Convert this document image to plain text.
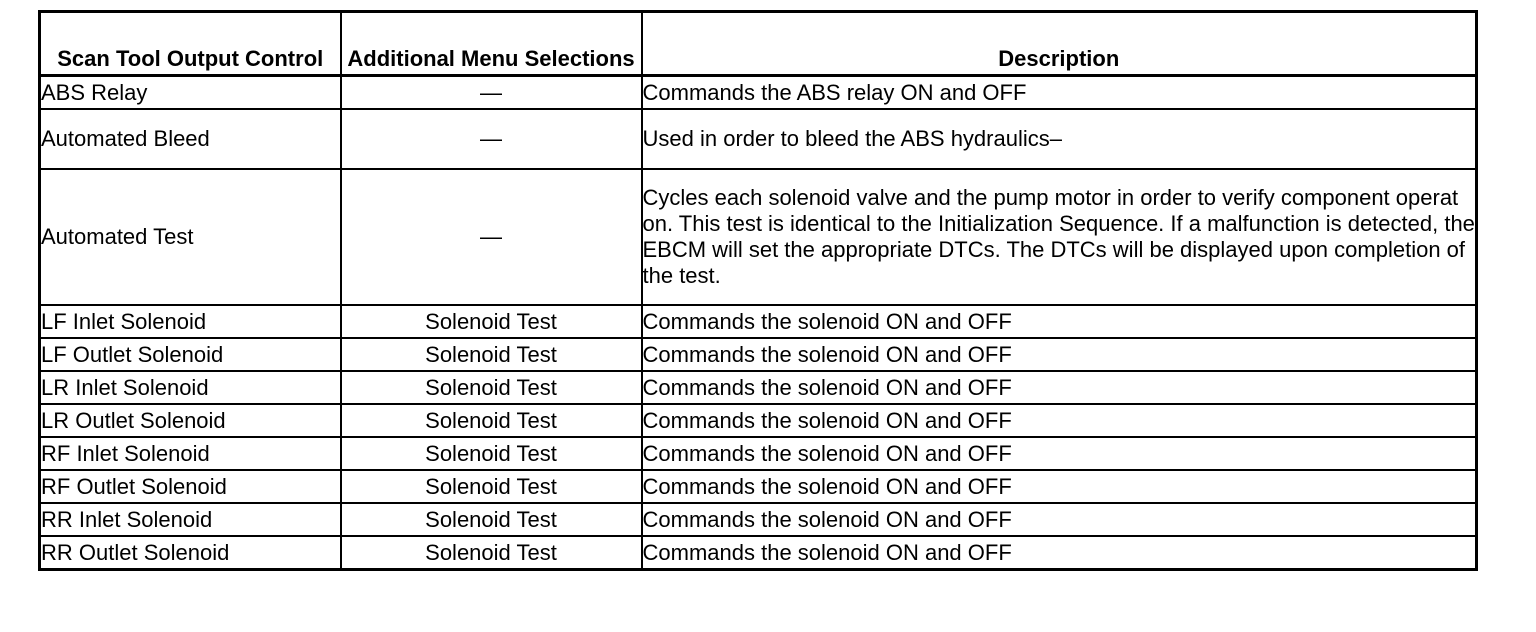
Scan Tool Output Control	Additional Menu Selections	Description
ABS Relay	—	Commands the ABS relay ON and OFF
Automated Bleed	—	Used in order to bleed the ABS hydraulics–
Automated Test	—	Cycles each solenoid valve and the pump motor in order to verify component operat on. This test is identical to the Initialization Sequence. If a malfunction is detected, the EBCM will set the appropriate DTCs. The DTCs will be displayed upon completion of the test.
LF Inlet Solenoid	Solenoid Test	Commands the solenoid ON and OFF
LF Outlet Solenoid	Solenoid Test	Commands the solenoid ON and OFF
LR Inlet Solenoid	Solenoid Test	Commands the solenoid ON and OFF
LR Outlet Solenoid	Solenoid Test	Commands the solenoid ON and OFF
RF Inlet Solenoid	Solenoid Test	Commands the solenoid ON and OFF
RF Outlet Solenoid	Solenoid Test	Commands the solenoid ON and OFF
RR Inlet Solenoid	Solenoid Test	Commands the solenoid ON and OFF
RR Outlet Solenoid	Solenoid Test	Commands the solenoid ON and OFF
